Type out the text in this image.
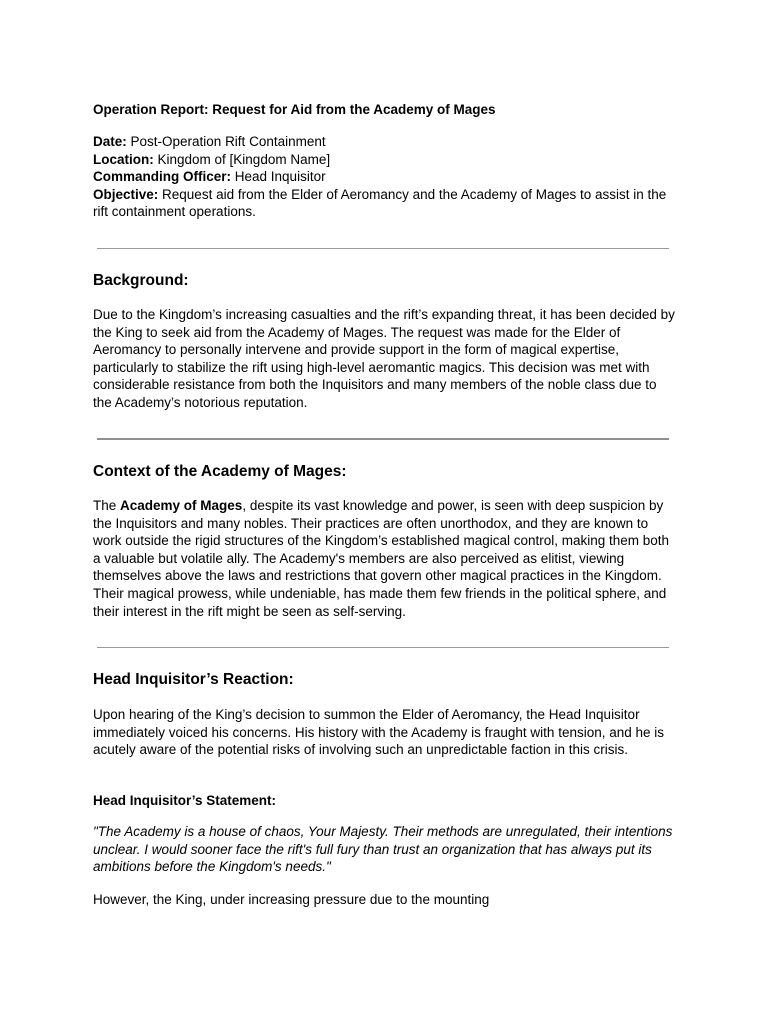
Operation Report: Request for Aid from the Academy of Mages
Date: Post-Operation Rift Containment
Location: Kingdom of [Kingdom Name]
Commanding Officer: Head Inquisitor
Objective: Request aid from the Elder of Aeromancy and the Academy of Mages to assist in the rift containment operations.
Background:

Due to the Kingdom’s increasing casualties and the rift’s expanding threat, it has been decided by the King to seek aid from the Academy of Mages. The request was made for the Elder of Aeromancy to personally intervene and provide support in the form of magical expertise, particularly to stabilize the rift using high-level aeromantic magics. This decision was met with considerable resistance from both the Inquisitors and many members of the noble class due to the Academy’s notorious reputation.

Context of the Academy of Mages:

The Academy of Mages, despite its vast knowledge and power, is seen with deep suspicion by the Inquisitors and many nobles. Their practices are often unorthodox, and they are known to work outside the rigid structures of the Kingdom’s established magical control, making them both a valuable but volatile ally. The Academy's members are also perceived as elitist, viewing themselves above the laws and restrictions that govern other magical practices in the Kingdom. Their magical prowess, while undeniable, has made them few friends in the political sphere, and their interest in the rift might be seen as self-serving.

Head Inquisitor’s Reaction:

Upon hearing of the King’s decision to summon the Elder of Aeromancy, the Head Inquisitor immediately voiced his concerns. His history with the Academy is fraught with tension, and he is acutely aware of the potential risks of involving such an unpredictable faction in this crisis.

Head Inquisitor’s Statement:

"The Academy is a house of chaos, Your Majesty. Their methods are unregulated, their intentions unclear. I would sooner face the rift's full fury than trust an organization that has always put its ambitions before the Kingdom's needs."

However, the King, under increasing pressure due to the mounting
